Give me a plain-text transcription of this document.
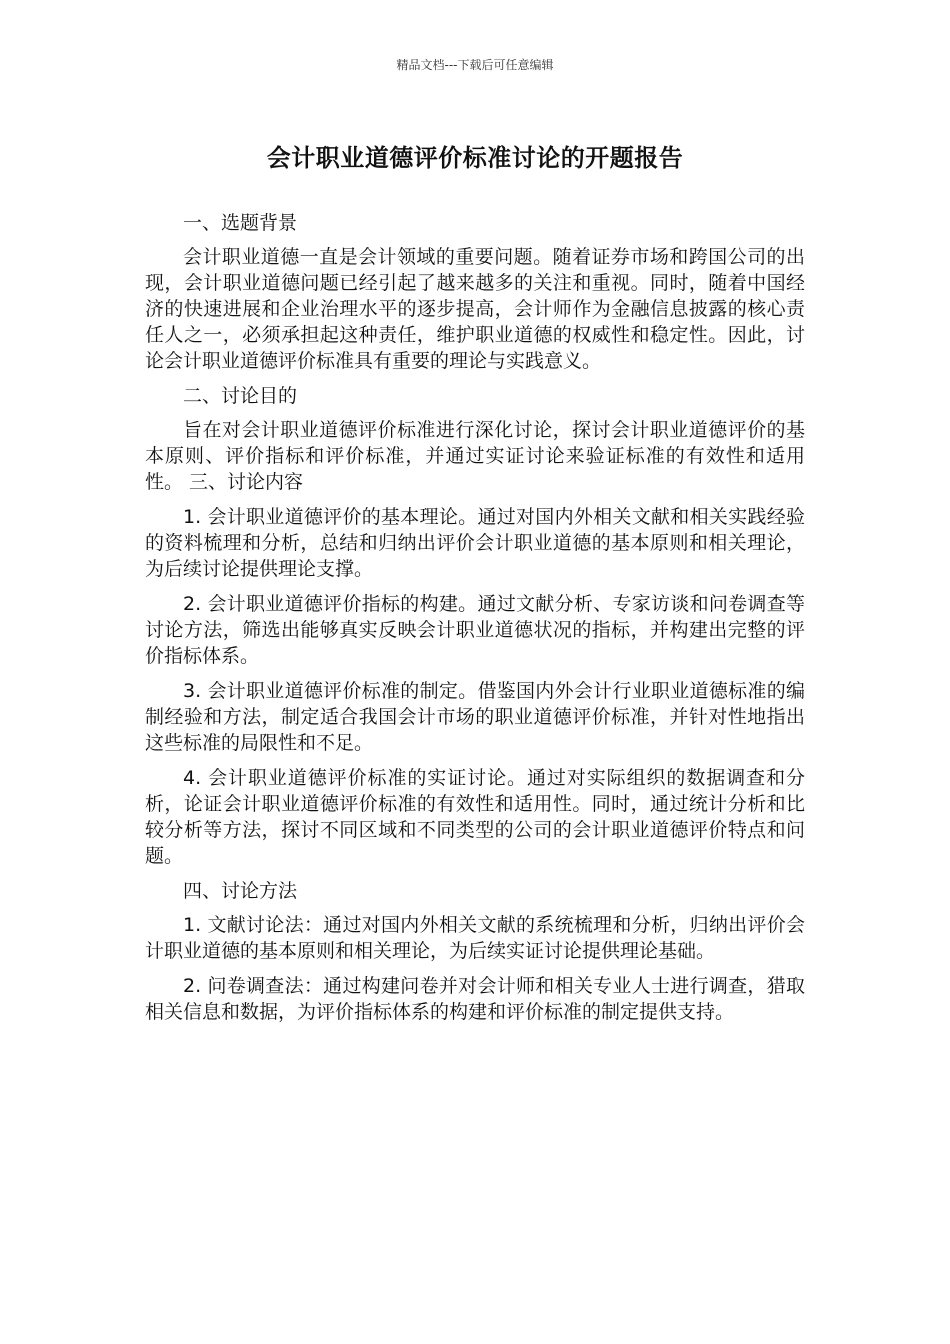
精品文档---下载后可任意编辑
会计职业道德评价标准讨论的开题报告
一、选题背景
会计职业道德一直是会计领域的重要问题。随着证券市场和跨国公司的出现，会计职业道德问题已经引起了越来越多的关注和重视。同时，随着中国经济的快速进展和企业治理水平的逐步提高，会计师作为金融信息披露的核心责任人之一，必须承担起这种责任，维护职业道德的权威性和稳定性。因此，讨论会计职业道德评价标准具有重要的理论与实践意义。
二、讨论目的
旨在对会计职业道德评价标准进行深化讨论，探讨会计职业道德评价的基本原则、评价指标和评价标准，并通过实证讨论来验证标准的有效性和适用性。 三、讨论内容
1. 会计职业道德评价的基本理论。通过对国内外相关文献和相关实践经验的资料梳理和分析，总结和归纳出评价会计职业道德的基本原则和相关理论，为后续讨论提供理论支撑。
2. 会计职业道德评价指标的构建。通过文献分析、专家访谈和问卷调查等讨论方法，筛选出能够真实反映会计职业道德状况的指标，并构建出完整的评价指标体系。
3. 会计职业道德评价标准的制定。借鉴国内外会计行业职业道德标准的编制经验和方法，制定适合我国会计市场的职业道德评价标准，并针对性地指出这些标准的局限性和不足。
4. 会计职业道德评价标准的实证讨论。通过对实际组织的数据调查和分析，论证会计职业道德评价标准的有效性和适用性。同时，通过统计分析和比较分析等方法，探讨不同区域和不同类型的公司的会计职业道德评价特点和问题。
四、讨论方法
1. 文献讨论法：通过对国内外相关文献的系统梳理和分析，归纳出评价会计职业道德的基本原则和相关理论，为后续实证讨论提供理论基础。
2. 问卷调查法：通过构建问卷并对会计师和相关专业人士进行调查，猎取相关信息和数据，为评价指标体系的构建和评价标准的制定提供支持。
